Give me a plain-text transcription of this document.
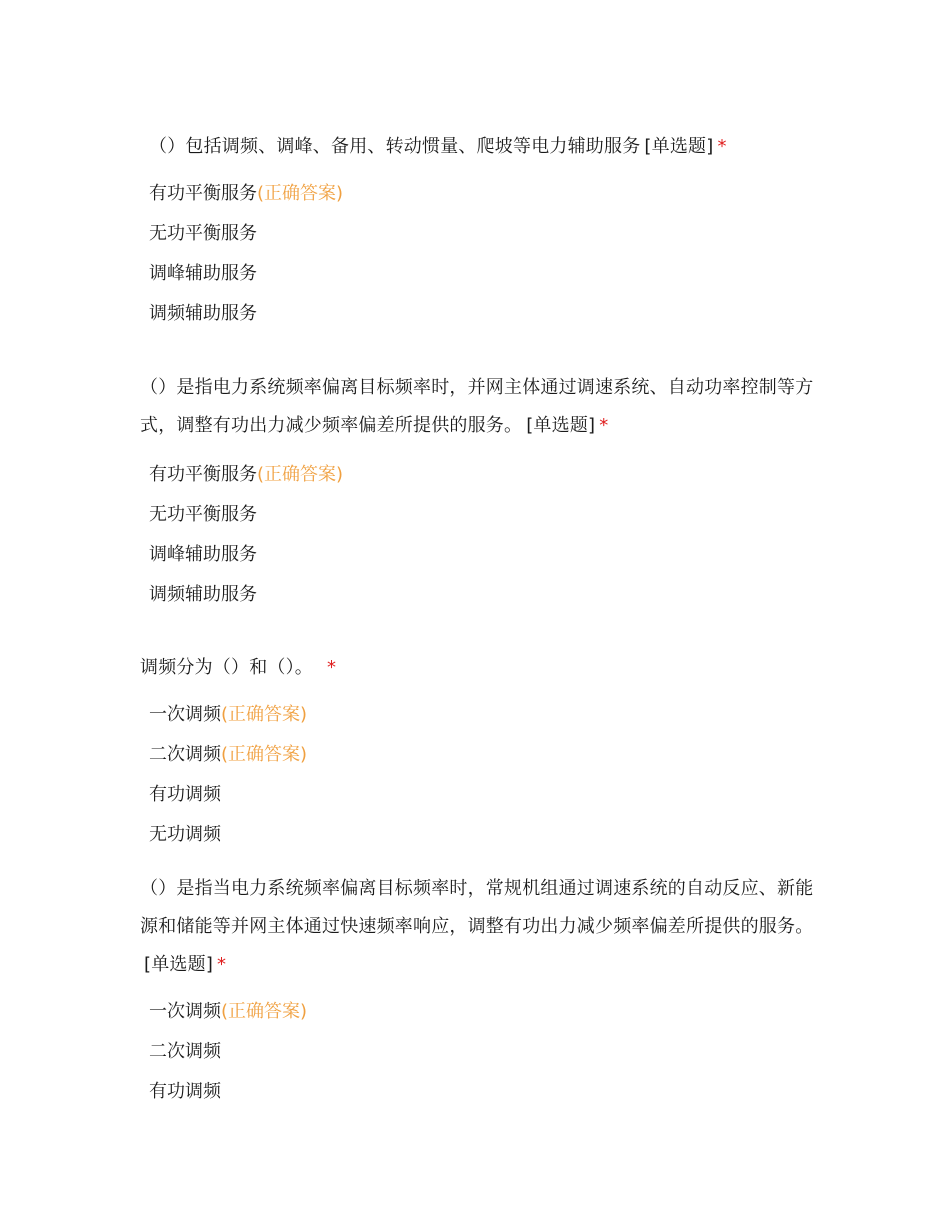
（）包括调频、调峰、备用、转动惯量、爬坡等电力辅助服务 [单选题] *

有功平衡服务(正确答案)
无功平衡服务
调峰辅助服务
调频辅助服务

（）是指电力系统频率偏离目标频率时，并网主体通过调速系统、自动功率控制等方式，调整有功出力减少频率偏差所提供的服务。 [单选题] *

有功平衡服务(正确答案)
无功平衡服务
调峰辅助服务
调频辅助服务

调频分为（）和（）。 *

一次调频(正确答案)
二次调频(正确答案)
有功调频
无功调频

（）是指当电力系统频率偏离目标频率时，常规机组通过调速系统的自动反应、新能源和储能等并网主体通过快速频率响应，调整有功出力减少频率偏差所提供的服务。[单选题] *

一次调频(正确答案)
二次调频
有功调频
